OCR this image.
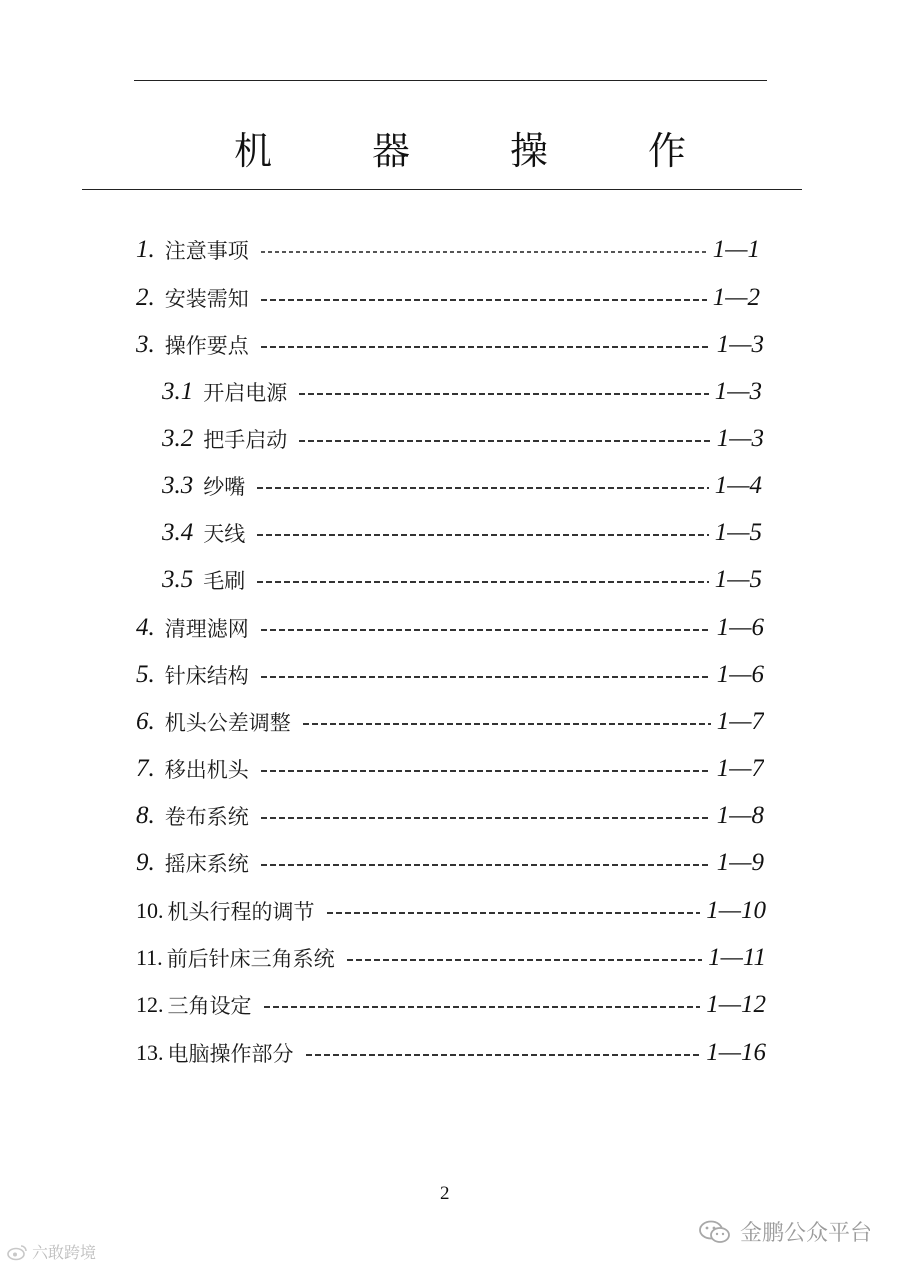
机	器	操	作
1. 注意事项	1—1
2. 安装需知	1—2
3. 操作要点	1—3
3.1 开启电源	1—3
3.2 把手启动	1—3
3.3 纱嘴	1—4
3.4 天线	1—5
3.5 毛刷	1—5
4. 清理滤网	1—6
5. 针床结构	1—6
6. 机头公差调整	1—7
7. 移出机头	1—7
8. 卷布系统	1—8
9. 摇床系统	1—9
10. 机头行程的调节	1—10
11. 前后针床三角系统	1—11
12. 三角设定	1—12
13. 电脑操作部分	1—16
2
六敢跨境
金鹏公众平台
